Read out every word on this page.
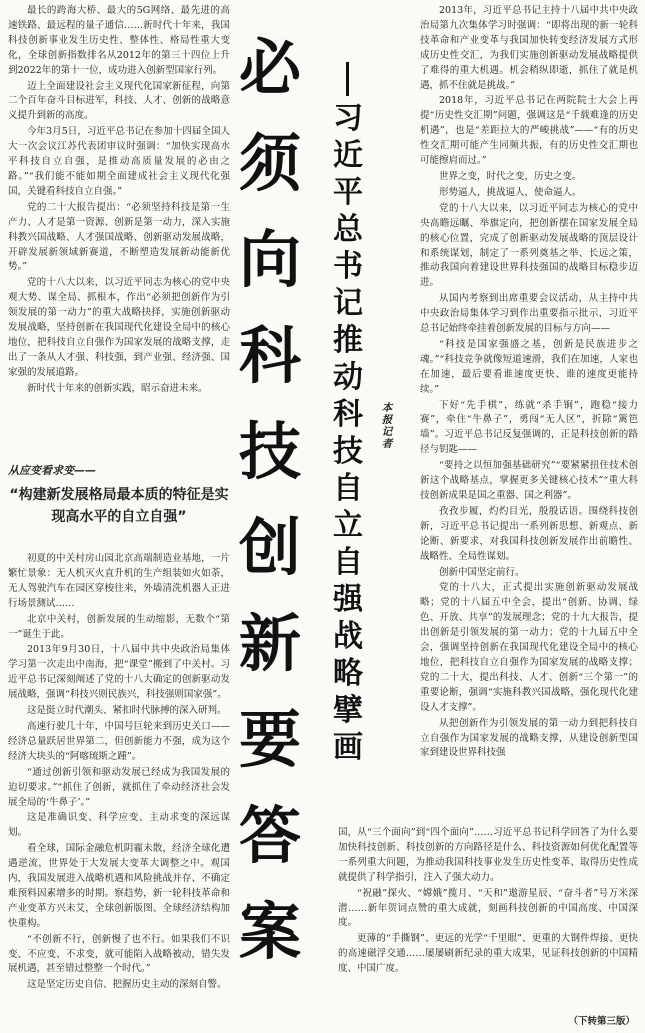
最长的跨海大桥、最大的5G网络、最先进的高速铁路、最远程的量子通信……新时代十年来，我国科技创新事业发生历史性、整体性、格局性重大变化，全球创新指数排名从2012年的第三十四位上升到2022年的第十一位，成功进入创新型国家行列。

迈上全面建设社会主义现代化国家新征程，向第二个百年奋斗目标进军，科技、人才、创新的战略意义提升到新的高度。

今年3月5日，习近平总书记在参加十四届全国人大一次会议江苏代表团审议时强调：“加快实现高水平科技自立自强，是推动高质量发展的必由之路。”“我们能不能如期全面建成社会主义现代化强国，关键看科技自立自强。”

党的二十大报告提出：“必须坚持科技是第一生产力、人才是第一资源、创新是第一动力，深入实施科教兴国战略、人才强国战略、创新驱动发展战略，开辟发展新领域新赛道，不断塑造发展新动能新优势。”

党的十八大以来，以习近平同志为核心的党中央观大势、谋全局、抓根本，作出“必须把创新作为引领发展的第一动力”的重大战略抉择，实施创新驱动发展战略，坚持创新在我国现代化建设全局中的核心地位，把科技自立自强作为国家发展的战略支撑，走出了一条从人才强、科技强，到产业强、经济强、国家强的发展道路。

新时代十年来的创新实践，昭示奋进未来。

从应变看求变——
“构建新发展格局最本质的特征是实现高水平的自立自强”

初夏的中关村房山园北京高端制造业基地，一片繁忙景象：无人机灭火直升机的生产组装如火如荼，无人驾驶汽车在园区穿梭往来，外墙清洗机器人正进行场景测试……

北京中关村，创新发展的生动缩影，无数个“第一”诞生于此。

2013年9月30日，十八届中共中央政治局集体学习第一次走出中南海，把“课堂”搬到了中关村。习近平总书记深刻阐述了党的十八大确定的创新驱动发展战略，强调“科技兴则民族兴，科技强则国家强”。

这是挺立时代潮头、紧扣时代脉搏的深入研判。

高速行驶几十年，中国号巨轮来到历史关口——经济总量跃居世界第二，但创新能力不强，成为这个经济大块头的“阿喀琉斯之踵”。

“通过创新引领和驱动发展已经成为我国发展的迫切要求。”“抓住了创新，就抓住了牵动经济社会发展全局的‘牛鼻子’。”

这是准确识变、科学应变、主动求变的深远谋划。

看全球，国际金融危机阴霾未散，经济全球化遭遇逆流，世界处于大发展大变革大调整之中。观国内，我国发展进入战略机遇和风险挑战并存、不确定难预料因素增多的时期。察趋势，新一轮科技革命和产业变革方兴未艾，全球创新版图、全球经济结构加快重构。

“不创新不行，创新慢了也不行。如果我们不识变、不应变、不求变，就可能陷入战略被动，错失发展机遇，甚至错过整整一个时代。”

这是坚定历史自信、把握历史主动的深刻自警。

必须向科技创新要答案
习近平总书记推动科技自立自强战略擘画
本报记者

2013年，习近平总书记主持十八届中共中央政治局第九次集体学习时强调：“即将出现的新一轮科技革命和产业变革与我国加快转变经济发展方式形成历史性交汇，为我们实施创新驱动发展战略提供了难得的重大机遇。机会稍纵即逝，抓住了就是机遇，抓不住就是挑战。”

2018年，习近平总书记在两院院士大会上再提“历史性交汇期”问题，强调这是“千载难逢的历史机遇”，也是“差距拉大的严峻挑战”——“有的历史性交汇期可能产生同频共振，有的历史性交汇期也可能擦肩而过。”

世界之变，时代之变，历史之变。

形势逼人，挑战逼人，使命逼人。

党的十八大以来，以习近平同志为核心的党中央高瞻远瞩、举旗定向，把创新摆在国家发展全局的核心位置，完成了创新驱动发展战略的顶层设计和系统谋划，制定了一系列奠基之举、长远之策，推动我国向着建设世界科技强国的战略目标稳步迈进。

从国内考察到出席重要会议活动，从主持中共中央政治局集体学习到作出重要指示批示，习近平总书记始终牵挂着创新发展的目标与方向——

“科技是国家强盛之基，创新是民族进步之魂。”“科技竞争就像短道速滑，我们在加速，人家也在加速，最后要看谁速度更快、谁的速度更能持续。”

下好“先手棋”，练就“杀手锏”，跑稳“接力赛”，牵住“牛鼻子”，勇闯“无人区”，折除“篱笆墙”。习近平总书记反复强调的，正是科技创新的路径与钥匙——

“要持之以恒加强基础研究”“要紧紧扭住技术创新这个战略基点，掌握更多关键核心技术”“重大科技创新成果是国之重器、国之利器”。

孜孜步履，灼灼目光，殷殷话语。围绕科技创新，习近平总书记提出一系列新思想、新观点、新论断、新要求，对我国科技创新发展作出前瞻性、战略性、全局性谋划。

创新中国坚定前行。

党的十八大，正式提出实施创新驱动发展战略；党的十八届五中全会，提出“创新、协调、绿色、开放、共享”的发展理念；党的十九大报告，提出创新是引领发展的第一动力；党的十九届五中全会，强调坚持创新在我国现代化建设全局中的核心地位，把科技自立自强作为国家发展的战略支撑；党的二十大，提出科技、人才、创新“三个第一”的重要论断，强调“实施科教兴国战略，强化现代化建设人才支撑”。

从把创新作为引领发展的第一动力到把科技自立自强作为国家发展的战略支撑，从建设创新型国家到建设世界科技强

国，从“三个面向”到“四个面向”……习近平总书记科学回答了为什么要加快科技创新、科技创新的方向路径是什么、科技资源如何优化配置等一系列重大问题，为推动我国科技事业发生历史性变革、取得历史性成就提供了科学指引，注入了强大动力。

“祝融”探火、“嫦娥”揽月、“天和”遨游星辰、“奋斗者”号万米深潜……新年贺词点赞的重大成就，刻画科技创新的中国高度、中国深度。

更薄的“手撕钢”、更远的光学“千里眼”、更重的大钢件焊接、更快的高速磁浮交通……屡屡刷新纪录的重大成果，见证科技创新的中国精度、中国广度。

（下转第三版）
